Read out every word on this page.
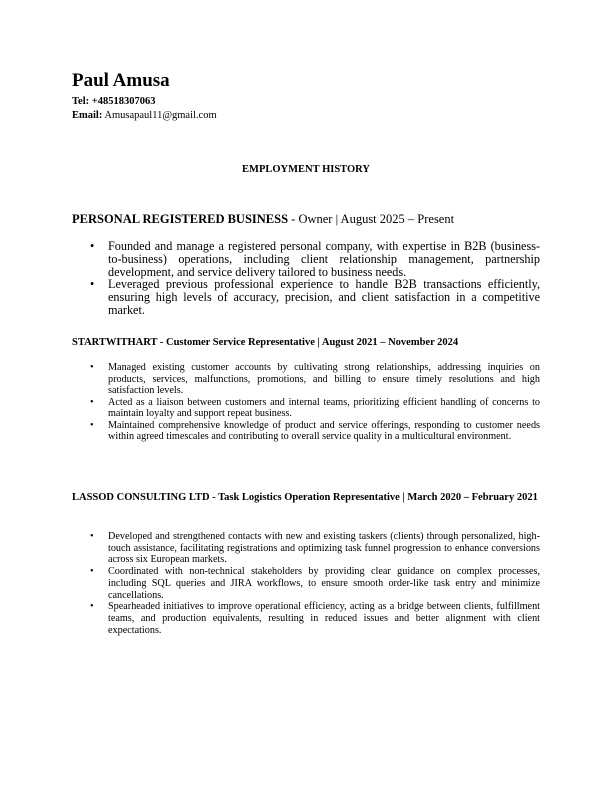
Paul Amusa
Tel: +48518307063
Email: Amusapaul11@gmail.com
EMPLOYMENT HISTORY
PERSONAL REGISTERED BUSINESS - Owner | August 2025 – Present
• Founded and manage a registered personal company, with expertise in B2B (business-to-business) operations, including client relationship management, partnership development, and service delivery tailored to business needs.
• Leveraged previous professional experience to handle B2B transactions efficiently, ensuring high levels of accuracy, precision, and client satisfaction in a competitive market.
STARTWITHART - Customer Service Representative | August 2021 – November 2024
• Managed existing customer accounts by cultivating strong relationships, addressing inquiries on products, services, malfunctions, promotions, and billing to ensure timely resolutions and high satisfaction levels.
• Acted as a liaison between customers and internal teams, prioritizing efficient handling of concerns to maintain loyalty and support repeat business.
• Maintained comprehensive knowledge of product and service offerings, responding to customer needs within agreed timescales and contributing to overall service quality in a multicultural environment.
LASSOD CONSULTING LTD - Task Logistics Operation Representative | March 2020 – February 2021
• Developed and strengthened contacts with new and existing taskers (clients) through personalized, high-touch assistance, facilitating registrations and optimizing task funnel progression to enhance conversions across six European markets.
• Coordinated with non-technical stakeholders by providing clear guidance on complex processes, including SQL queries and JIRA workflows, to ensure smooth order-like task entry and minimize cancellations.
• Spearheaded initiatives to improve operational efficiency, acting as a bridge between clients, fulfillment teams, and production equivalents, resulting in reduced issues and better alignment with client expectations.
